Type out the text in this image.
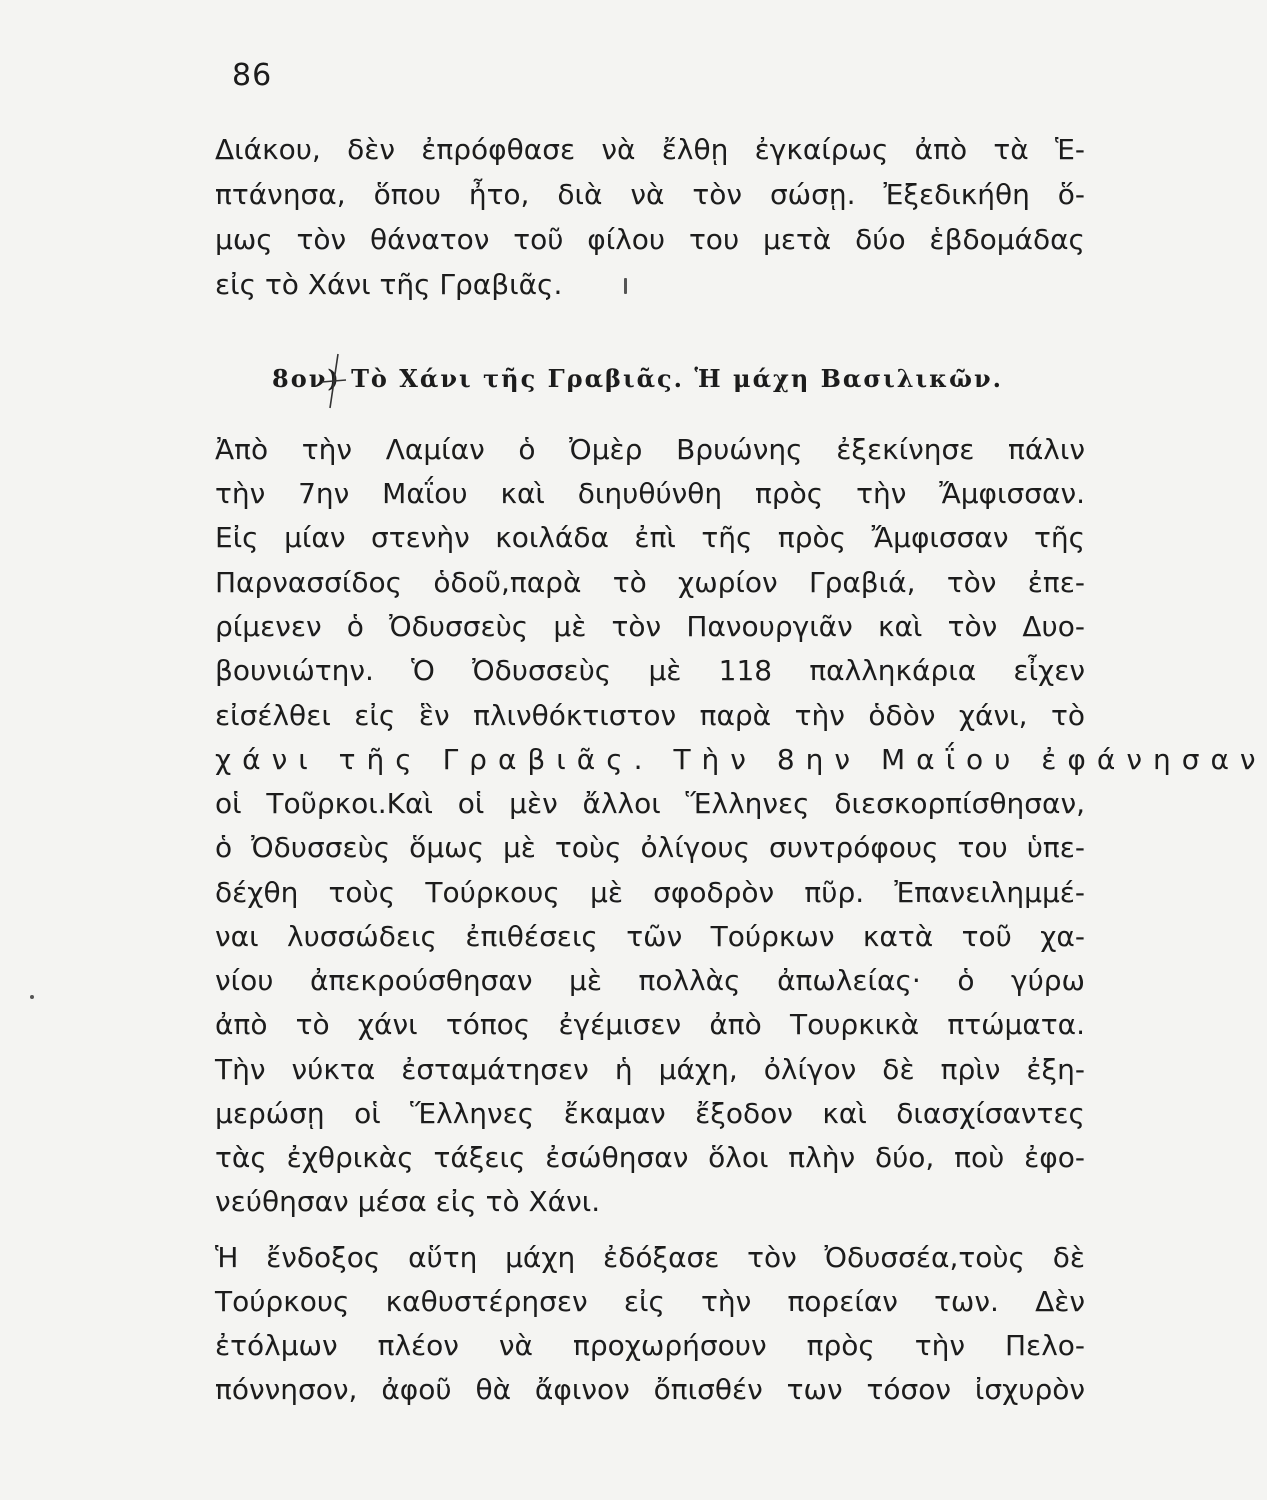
86
Διάκου, δὲν ἐπρόφθασε νὰ ἔλθῃ ἐγκαίρως ἀπὸ τὰ Ἑ-
πτάνησα, ὅπου ἦτο, διὰ νὰ τὸν σώσῃ. Ἐξεδικήθη ὅ-
μως τὸν θάνατον τοῦ φίλου του μετὰ δύο ἑβδομάδας
εἰς τὸ Χάνι τῆς Γραβιᾶς.
8ον) Τὸ Χάνι τῆς Γραβιᾶς. Ἡ μάχη Βασιλικῶν.
Ἀπὸ τὴν Λαμίαν ὁ Ὀμὲρ Βρυώνης ἐξεκίνησε πάλιν
τὴν 7ην Μαΐου καὶ διηυθύνθη πρὸς τὴν Ἄμφισσαν.
Εἰς μίαν στενὴν κοιλάδα ἐπὶ τῆς πρὸς Ἄμφισσαν τῆς
Παρνασσίδος ὁδοῦ,παρὰ τὸ χωρίον Γραβιά, τὸν ἐπε-
ρίμενεν ὁ Ὀδυσσεὺς μὲ τὸν Πανουργιᾶν καὶ τὸν Δυο-
βουνιώτην. Ὁ Ὀδυσσεὺς μὲ 118 παλληκάρια εἶχεν
εἰσέλθει εἰς ἓν πλινθόκτιστον παρὰ τὴν ὁδὸν χάνι, τὸ
χάνι τῆς Γραβιᾶς. Τὴν 8ην Μαΐου ἐφάνησαν
οἱ Τοῦρκοι.Καὶ οἱ μὲν ἄλλοι Ἕλληνες διεσκορπίσθησαν,
ὁ Ὀδυσσεὺς ὅμως μὲ τοὺς ὀλίγους συντρόφους του ὑπε-
δέχθη τοὺς Τούρκους μὲ σφοδρὸν πῦρ. Ἐπανειλημμέ-
ναι λυσσώδεις ἐπιθέσεις τῶν Τούρκων κατὰ τοῦ χα-
νίου ἀπεκρούσθησαν μὲ πολλὰς ἀπωλείας· ὁ γύρω
ἀπὸ τὸ χάνι τόπος ἐγέμισεν ἀπὸ Τουρκικὰ πτώματα.
Τὴν νύκτα ἐσταμάτησεν ἡ μάχη, ὀλίγον δὲ πρὶν ἐξη-
μερώσῃ οἱ Ἕλληνες ἔκαμαν ἔξοδον καὶ διασχίσαντες
τὰς ἐχθρικὰς τάξεις ἐσώθησαν ὅλοι πλὴν δύο, ποὺ ἐφο-
νεύθησαν μέσα εἰς τὸ Χάνι.
Ἡ ἔνδοξος αὕτη μάχη ἐδόξασε τὸν Ὀδυσσέα,τοὺς δὲ
Τούρκους καθυστέρησεν εἰς τὴν πορείαν των. Δὲν
ἐτόλμων πλέον νὰ προχωρήσουν πρὸς τὴν Πελο-
πόννησον, ἀφοῦ θὰ ἄφινον ὄπισθέν των τόσον ἰσχυρὸν
